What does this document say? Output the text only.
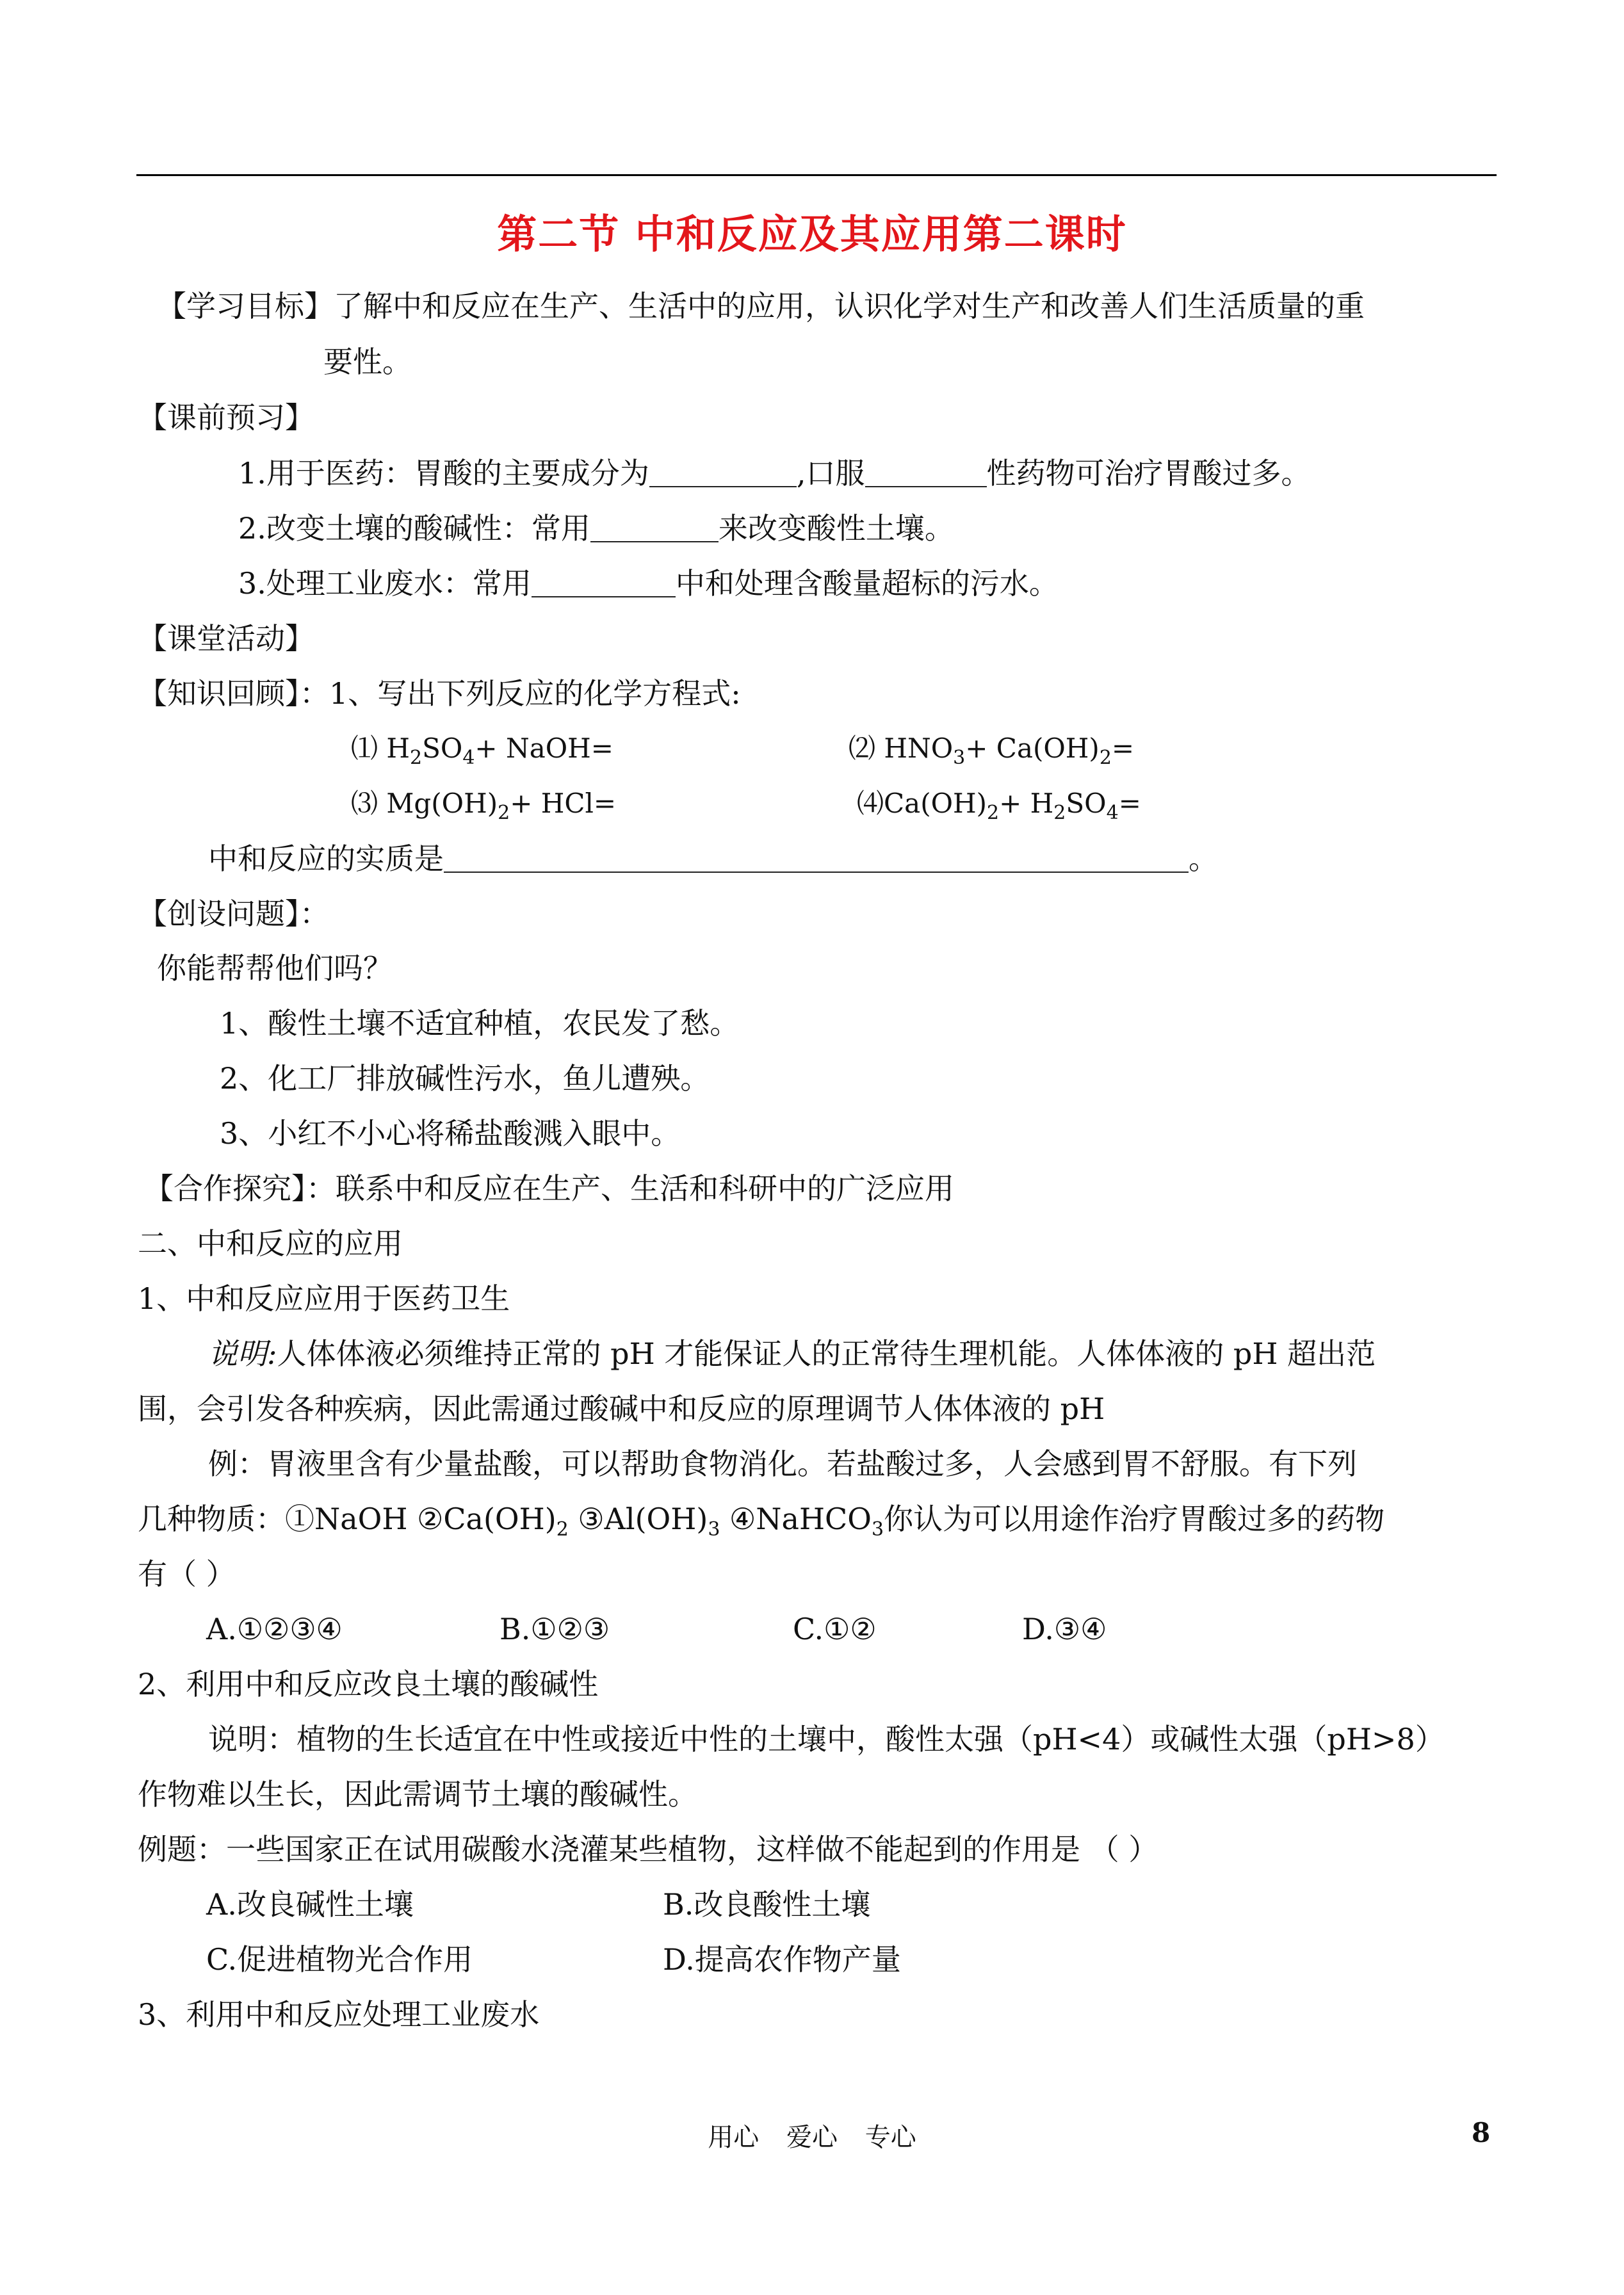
第二节 中和反应及其应用第二课时
【学习目标】了解中和反应在生产、生活中的应用，认识化学对生产和改善人们生活质量的重
要性。
【课前预习】
1.用于医药：胃酸的主要成分为	,口服	性药物可治疗胃酸过多。
2.改变土壤的酸碱性：常用	来改变酸性土壤。
3.处理工业废水：常用	中和处理含酸量超标的污水。
【课堂活动】
【知识回顾】：1、写出下列反应的化学方程式:
⑴ $H_2SO_4+$ NaOH=	⑵ $HNO_3+ Ca(OH)_2=$
⑶ $Mg(OH)_2+ HCl=$	$⑷Ca(OH)_2+ H_2SO_4=$
中和反应的实质是	。
【创设问题】：
你能帮帮他们吗？
1、酸性土壤不适宜种植，农民发了愁。
2、化工厂排放碱性污水，鱼儿遭殃。
3、小红不小心将稀盐酸溅入眼中。
【合作探究】：联系中和反应在生产、生活和科研中的广泛应用
二、中和反应的应用
1、中和反应应用于医药卫生
说明:人体体液必须维持正常的 pH 才能保证人的正常待生理机能。人体体液的 pH 超出范
围，会引发各种疾病，因此需通过酸碱中和反应的原理调节人体体液的 pH
例：胃液里含有少量盐酸，可以帮助食物消化。若盐酸过多，人会感到胃不舒服。有下列
几种物质：①NaOH $②Ca(OH)_2$ $③Al(OH)_3$ ④NaHCO$_3$你认为可以用途作治疗胃酸过多的药物
有（ ）
A.①②③④	B.①②③	C.①②	D.③④
2、利用中和反应改良土壤的酸碱性
说明：植物的生长适宜在中性或接近中性的土壤中，酸性太强（pH<4）或碱性太强（pH>8）
作物难以生长，因此需调节土壤的酸碱性。
例题：一些国家正在试用碳酸水浇灌某些植物，这样做不能起到的作用是 （ ）
A.改良碱性土壤	B.改良酸性土壤
C.促进植物光合作用	D.提高农作物产量
3、利用中和反应处理工业废水
用心 爱心 专心	8
